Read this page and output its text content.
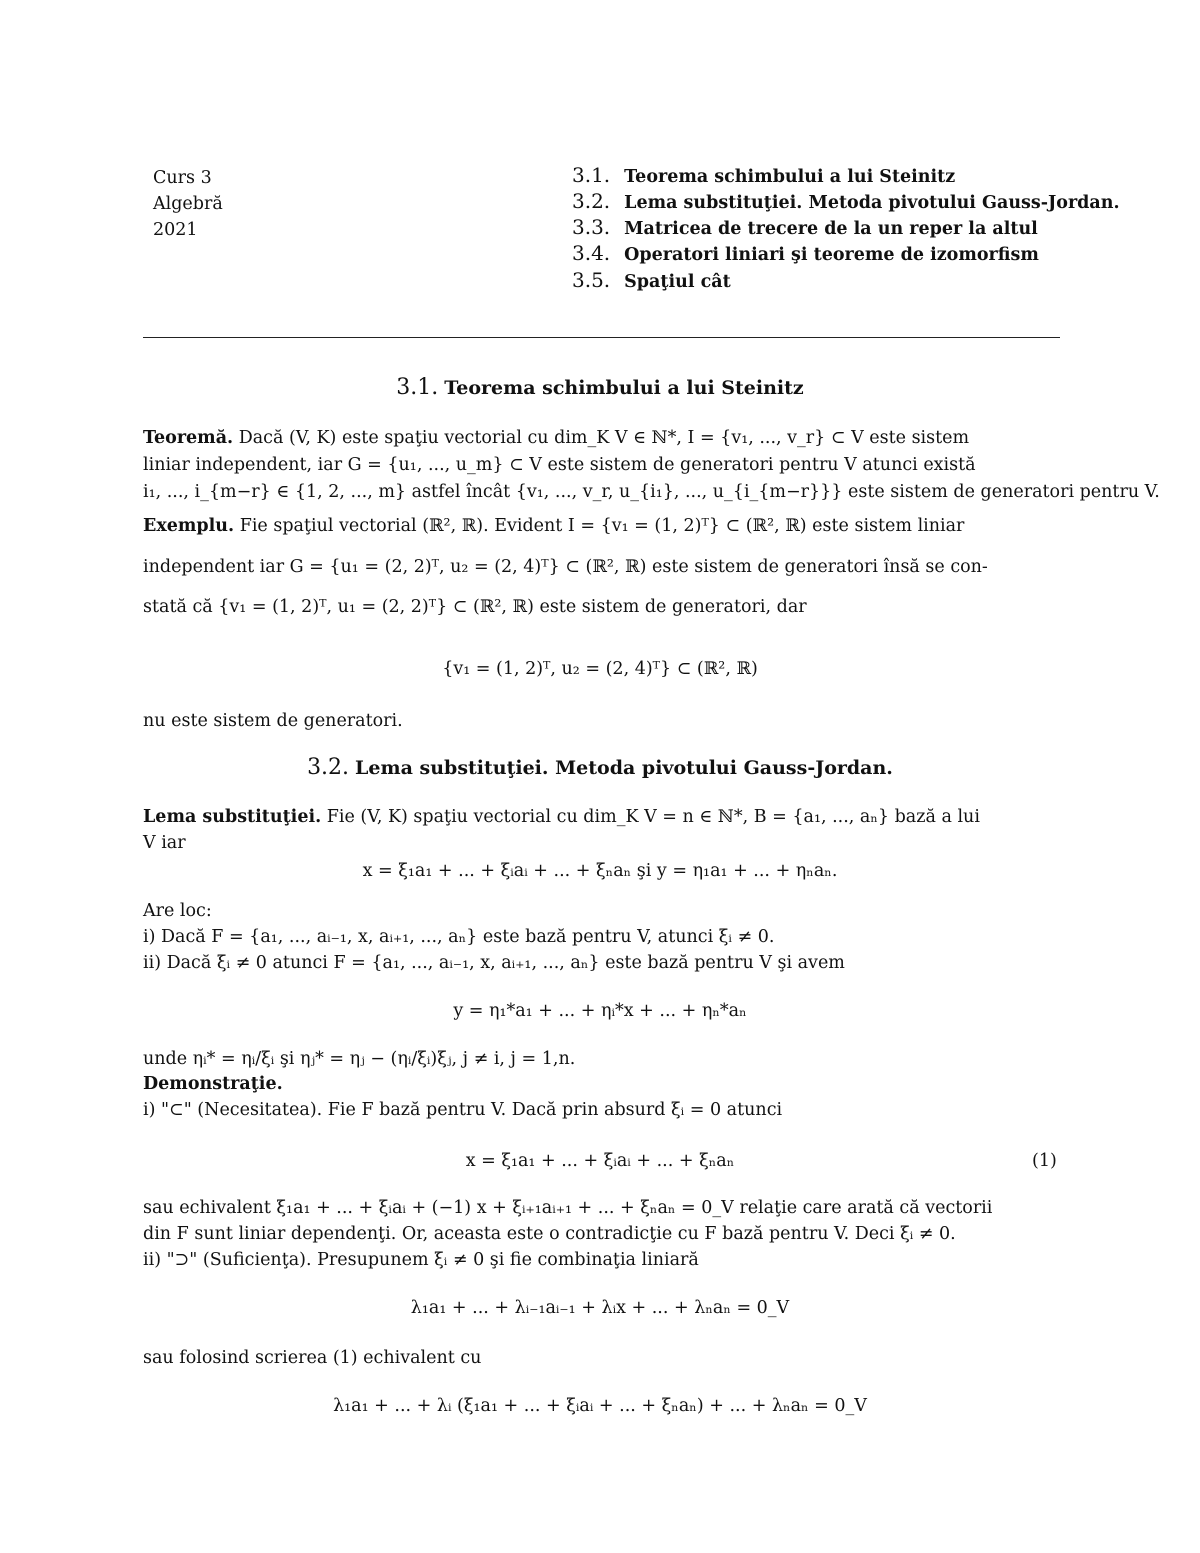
Curs 3
Algebră
2021
3.1. Teorema schimbului a lui Steinitz
3.2. Lema substituţiei. Metoda pivotului Gauss-Jordan.
3.3. Matricea de trecere de la un reper la altul
3.4. Operatori liniari şi teoreme de izomorfism
3.5. Spaţiul cât
3.1. Teorema schimbului a lui Steinitz
Teoremă. Dacă (V, K) este spaţiu vectorial cu dim_K V ∈ ℕ*, I = {v₁, ..., v_r} ⊂ V este sistem
liniar independent, iar G = {u₁, ..., u_m} ⊂ V este sistem de generatori pentru V atunci există
i₁, ..., i_{m−r} ∈ {1, 2, ..., m} astfel încât {v₁, ..., v_r, u_{i₁}, ..., u_{i_{m−r}}} este sistem de generatori pentru V.
Exemplu. Fie spaţiul vectorial (ℝ², ℝ). Evident I = {v₁ = (1, 2)ᵀ} ⊂ (ℝ², ℝ) este sistem liniar
independent iar G = {u₁ = (2, 2)ᵀ, u₂ = (2, 4)ᵀ} ⊂ (ℝ², ℝ) este sistem de generatori însă se con-
stată că {v₁ = (1, 2)ᵀ, u₁ = (2, 2)ᵀ} ⊂ (ℝ², ℝ) este sistem de generatori, dar
{v₁ = (1, 2)ᵀ, u₂ = (2, 4)ᵀ} ⊂ (ℝ², ℝ)
nu este sistem de generatori.
3.2. Lema substituţiei. Metoda pivotului Gauss-Jordan.
Lema substituţiei. Fie (V, K) spaţiu vectorial cu dim_K V = n ∈ ℕ*, B = {a₁, ..., aₙ} bază a lui
V iar
x = ξ₁a₁ + ... + ξᵢaᵢ + ... + ξₙaₙ şi y = η₁a₁ + ... + ηₙaₙ.
Are loc:
i) Dacă F = {a₁, ..., aᵢ₋₁, x, aᵢ₊₁, ..., aₙ} este bază pentru V, atunci ξᵢ ≠ 0.
ii) Dacă ξᵢ ≠ 0 atunci F = {a₁, ..., aᵢ₋₁, x, aᵢ₊₁, ..., aₙ} este bază pentru V şi avem
y = η₁*a₁ + ... + ηᵢ*x + ... + ηₙ*aₙ
unde ηᵢ* = ηᵢ/ξᵢ şi ηⱼ* = ηⱼ − (ηᵢ/ξᵢ)ξⱼ, j ≠ i, j = 1,n.
Demonstraţie.
i) "⊂" (Necesitatea). Fie F bază pentru V. Dacă prin absurd ξᵢ = 0 atunci
x = ξ₁a₁ + ... + ξᵢaᵢ + ... + ξₙaₙ	(1)
sau echivalent ξ₁a₁ + ... + ξᵢaᵢ + (−1) x + ξᵢ₊₁aᵢ₊₁ + ... + ξₙaₙ = 0_V relaţie care arată că vectorii
din F sunt liniar dependenţi. Or, aceasta este o contradicţie cu F bază pentru V. Deci ξᵢ ≠ 0.
ii) "⊃" (Suficienţa). Presupunem ξᵢ ≠ 0 şi fie combinaţia liniară
λ₁a₁ + ... + λᵢ₋₁aᵢ₋₁ + λᵢx + ... + λₙaₙ = 0_V
sau folosind scrierea (1) echivalent cu
λ₁a₁ + ... + λᵢ (ξ₁a₁ + ... + ξᵢaᵢ + ... + ξₙaₙ) + ... + λₙaₙ = 0_V
